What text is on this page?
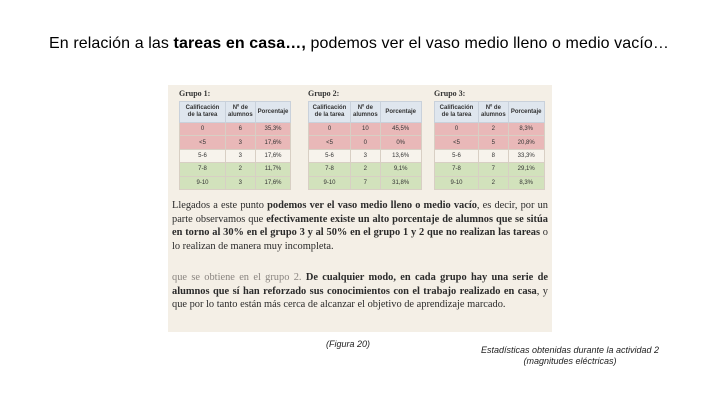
En relación a las tareas en casa…, podemos ver el vaso medio lleno o medio vacío…

Grupo 1:
Calificación de la tarea	Nº de alumnos	Porcentaje
0	6	35,3%
<5	3	17,6%
5-6	3	17,6%
7-8	2	11,7%
9-10	3	17,6%
Grupo 2:
Calificación de la tarea	Nº de alumnos	Porcentaje
0	10	45,5%
<5	0	0%
5-6	3	13,6%
7-8	2	9,1%
9-10	7	31,8%
Grupo 3:
Calificación de la tarea	Nº de alumnos	Porcentaje
0	2	8,3%
<5	5	20,8%
5-6	8	33,3%
7-8	7	29,1%
9-10	2	8,3%

Llegados a este punto podemos ver el vaso medio lleno o medio vacío, es decir, por un parte observamos que efectivamente existe un alto porcentaje de alumnos que se sitúa en torno al 30% en el grupo 3 y al 50% en el grupo 1 y 2 que no realizan las tareas o lo realizan de manera muy incompleta.

que se obtiene en el grupo 2. De cualquier modo, en cada grupo hay una serie de alumnos que sí han reforzado sus conocimientos con el trabajo realizado en casa, y que por lo tanto están más cerca de alcanzar el objetivo de aprendizaje marcado.

(Figura 20)
Estadísticas obtenidas durante la actividad 2 (magnitudes eléctricas)
